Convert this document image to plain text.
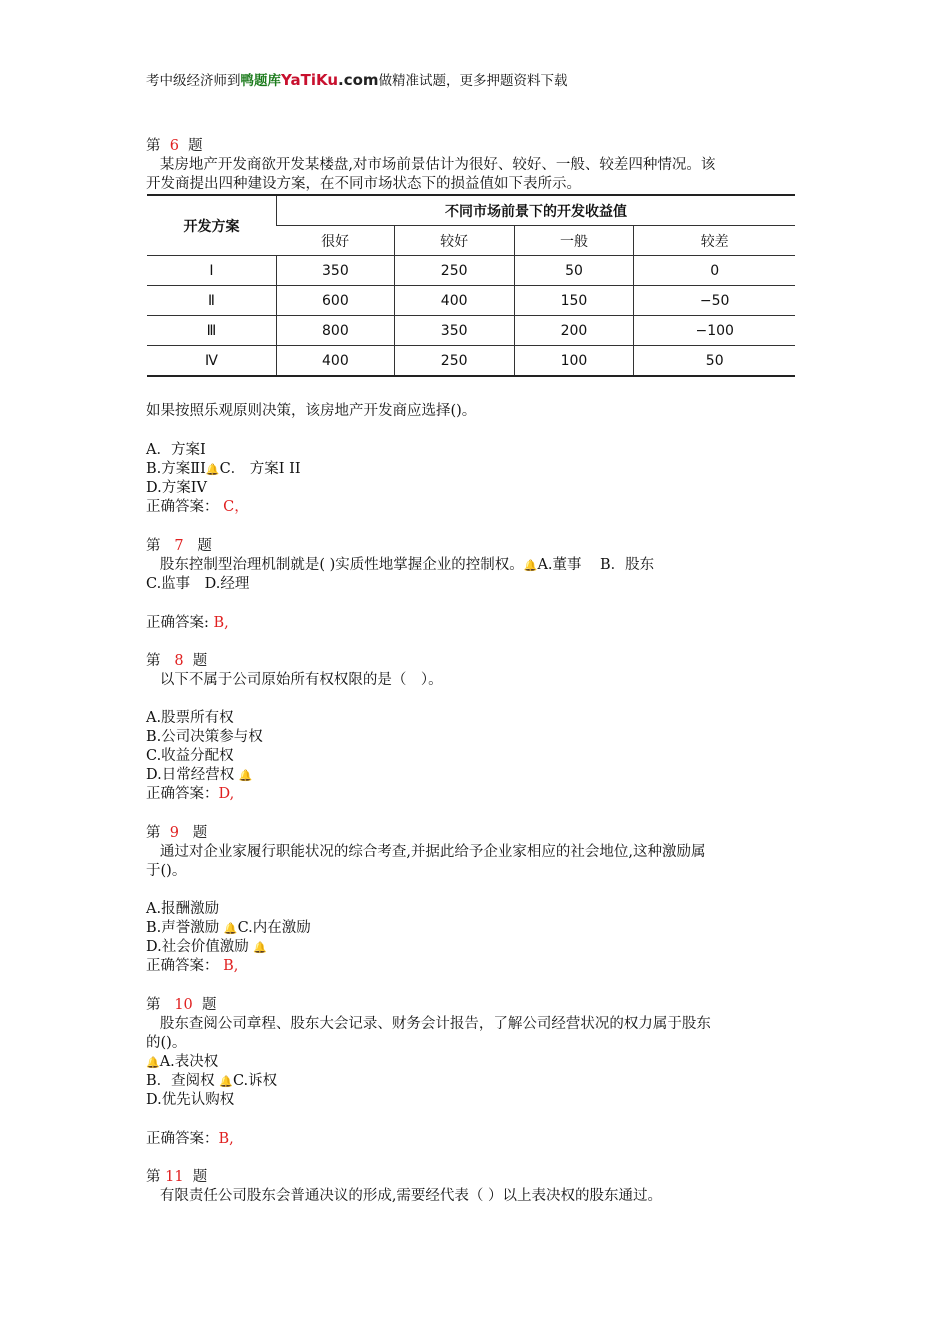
考中级经济师到鸭题库YaTiKu.com做精准试题，更多押题资料下载
第 6 题
某房地产开发商欲开发某楼盘,对市场前景估计为很好、较好、一般、较差四种情况。该
开发商提出四种建设方案，在不同市场状态下的损益值如下表所示。
开发方案	不同市场前景下的开发收益值			
	很好	较好	一般	较差
Ⅰ	350	250	50	0
Ⅱ	600	400	150	−50
Ⅲ	800	350	200	−100
Ⅳ	400	250	100	50
如果按照乐观原则决策，该房地产开发商应选择()。
A．方案Ⅰ
B.方案ⅡI🔔C． 方案Ⅰ II
D.方案ⅠⅤ
正确答案： C，
第 7 题
股东控制型治理机制就是( )实质性地掌握企业的控制权。🔔A.董事 B．股东
C.监事　D.经理
正确答案: B,
第 8 题
以下不属于公司原始所有权权限的是（　）。
A.股票所有权
B.公司决策参与权
C.收益分配权
D.日常经营权 🔔
正确答案：D,
第 9 题
通过对企业家履行职能状况的综合考查,并据此给予企业家相应的社会地位,这种激励属
于()。
A.报酬激励
B.声誉激励 🔔C.内在激励
D.社会价值激励 🔔
正确答案： B,
第 10 题
股东查阅公司章程、股东大会记录、财务会计报告，了解公司经营状况的权力属于股东
的()。
🔔A.表决权
B．查阅权 🔔C.诉权
D.优先认购权
正确答案：B,
第 11 题
有限责任公司股东会普通决议的形成,需要经代表（ ）以上表决权的股东通过。
